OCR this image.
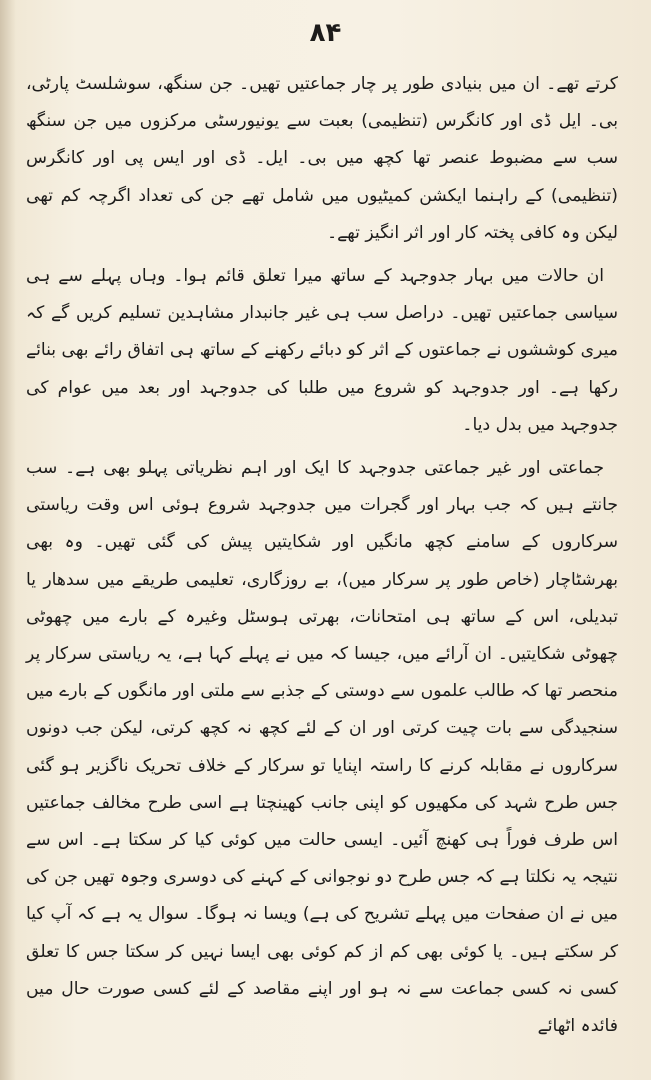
۸۴

کرتے تھے۔ ان میں بنیادی طور پر چار جماعتیں تھیں۔ جن سنگھ، سوشلسٹ پارٹی، بی۔ ایل ڈی اور کانگرس (تنظیمی) بعبت سے یونیورسٹی مرکزوں میں جن سنگھ سب سے مضبوط عنصر تھا کچھ میں بی۔ ایل۔ ڈی اور ایس پی اور کانگرس (تنظیمی) کے راہنما ایکشن کمیٹیوں میں شامل تھے جن کی تعداد اگرچہ کم تھی لیکن وہ کافی پختہ کار اور اثر انگیز تھے۔

ان حالات میں بہار جدوجہد کے ساتھ میرا تعلق قائم ہوا۔ وہاں پہلے سے ہی سیاسی جماعتیں تھیں۔ دراصل سب ہی غیر جانبدار مشاہدین تسلیم کریں گے کہ میری کوششوں نے جماعتوں کے اثر کو دبائے رکھنے کے ساتھ ہی اتفاق رائے بھی بنائے رکھا ہے۔ اور جدوجہد کو شروع میں طلبا کی جدوجہد اور بعد میں عوام کی جدوجہد میں بدل دیا۔

جماعتی اور غیر جماعتی جدوجہد کا ایک اور اہم نظریاتی پہلو بھی ہے۔ سب جانتے ہیں کہ جب بہار اور گجرات میں جدوجہد شروع ہوئی اس وقت ریاستی سرکاروں کے سامنے کچھ مانگیں اور شکایتیں پیش کی گئی تھیں۔ وہ بھی بھرشٹاچار (خاص طور پر سرکار میں)، بے روزگاری، تعلیمی طریقے میں سدھار یا تبدیلی، اس کے ساتھ ہی امتحانات، بھرتی ہوسٹل وغیرہ کے بارے میں چھوٹی چھوٹی شکایتیں۔ ان آرائے میں، جیسا کہ میں نے پہلے کہا ہے، یہ ریاستی سرکار پر منحصر تھا کہ طالب علموں سے دوستی کے جذبے سے ملتی اور مانگوں کے بارے میں سنجیدگی سے بات چیت کرتی اور ان کے لئے کچھ نہ کچھ کرتی، لیکن جب دونوں سرکاروں نے مقابلہ کرنے کا راستہ اپنایا تو سرکار کے خلاف تحریک ناگزیر ہو گئی جس طرح شہد کی مکھیوں کو اپنی جانب کھینچتا ہے اسی طرح مخالف جماعتیں اس طرف فوراً ہی کھنچ آئیں۔ ایسی حالت میں کوئی کیا کر سکتا ہے۔ اس سے نتیجہ یہ نکلتا ہے کہ جس طرح دو نوجوانی کے کہنے کی دوسری وجوہ تھیں جن کی میں نے ان صفحات میں پہلے تشریح کی ہے) ویسا نہ ہوگا۔ سوال یہ ہے کہ آپ کیا کر سکتے ہیں۔ یا کوئی بھی کم از کم کوئی بھی ایسا نہیں کر سکتا جس کا تعلق کسی نہ کسی جماعت سے نہ ہو اور اپنے مقاصد کے لئے کسی صورت حال میں فائدہ اٹھائے
